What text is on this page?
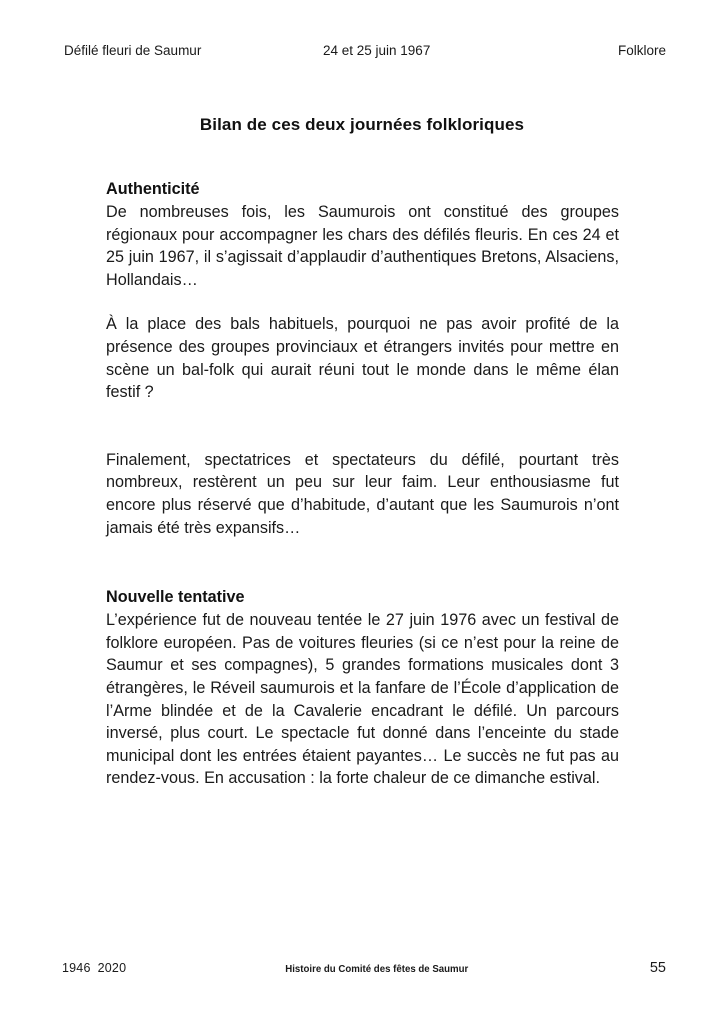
Défilé fleuri de Saumur	24 et 25 juin 1967	Folklore
Bilan de ces deux journées folkloriques
Authenticité

De nombreuses fois, les Saumurois ont constitué des groupes régionaux pour accompagner les chars des défilés fleuris. En ces 24 et 25 juin 1967, il s’agissait d’applaudir d’authentiques Bretons, Alsaciens, Hollandais…

À la place des bals habituels, pourquoi ne pas avoir profité de la présence des groupes provinciaux et étrangers invités pour mettre en scène un bal-folk qui aurait réuni tout le monde dans le même élan festif ?

Finalement, spectatrices et spectateurs du défilé, pourtant très nombreux, restèrent un peu sur leur faim. Leur enthousiasme fut encore plus réservé que d’habitude, d’autant que les Saumurois n’ont jamais été très expansifs…

Nouvelle tentative

L’expérience fut de nouveau tentée le 27 juin 1976 avec un festival de folklore européen. Pas de voitures fleuries (si ce n’est pour la reine de Saumur et ses compagnes), 5 grandes formations musicales dont 3 étrangères, le Réveil saumurois et la fanfare de l’École d’application de l’Arme blindée et de la Cavalerie encadrant le défilé. Un parcours inversé, plus court. Le spectacle fut donné dans l’enceinte du stade municipal dont les entrées étaient payantes… Le succès ne fut pas au rendez-vous. En accusation : la forte chaleur de ce dimanche estival.

1946 2020	Histoire du Comité des fêtes de Saumur	55
